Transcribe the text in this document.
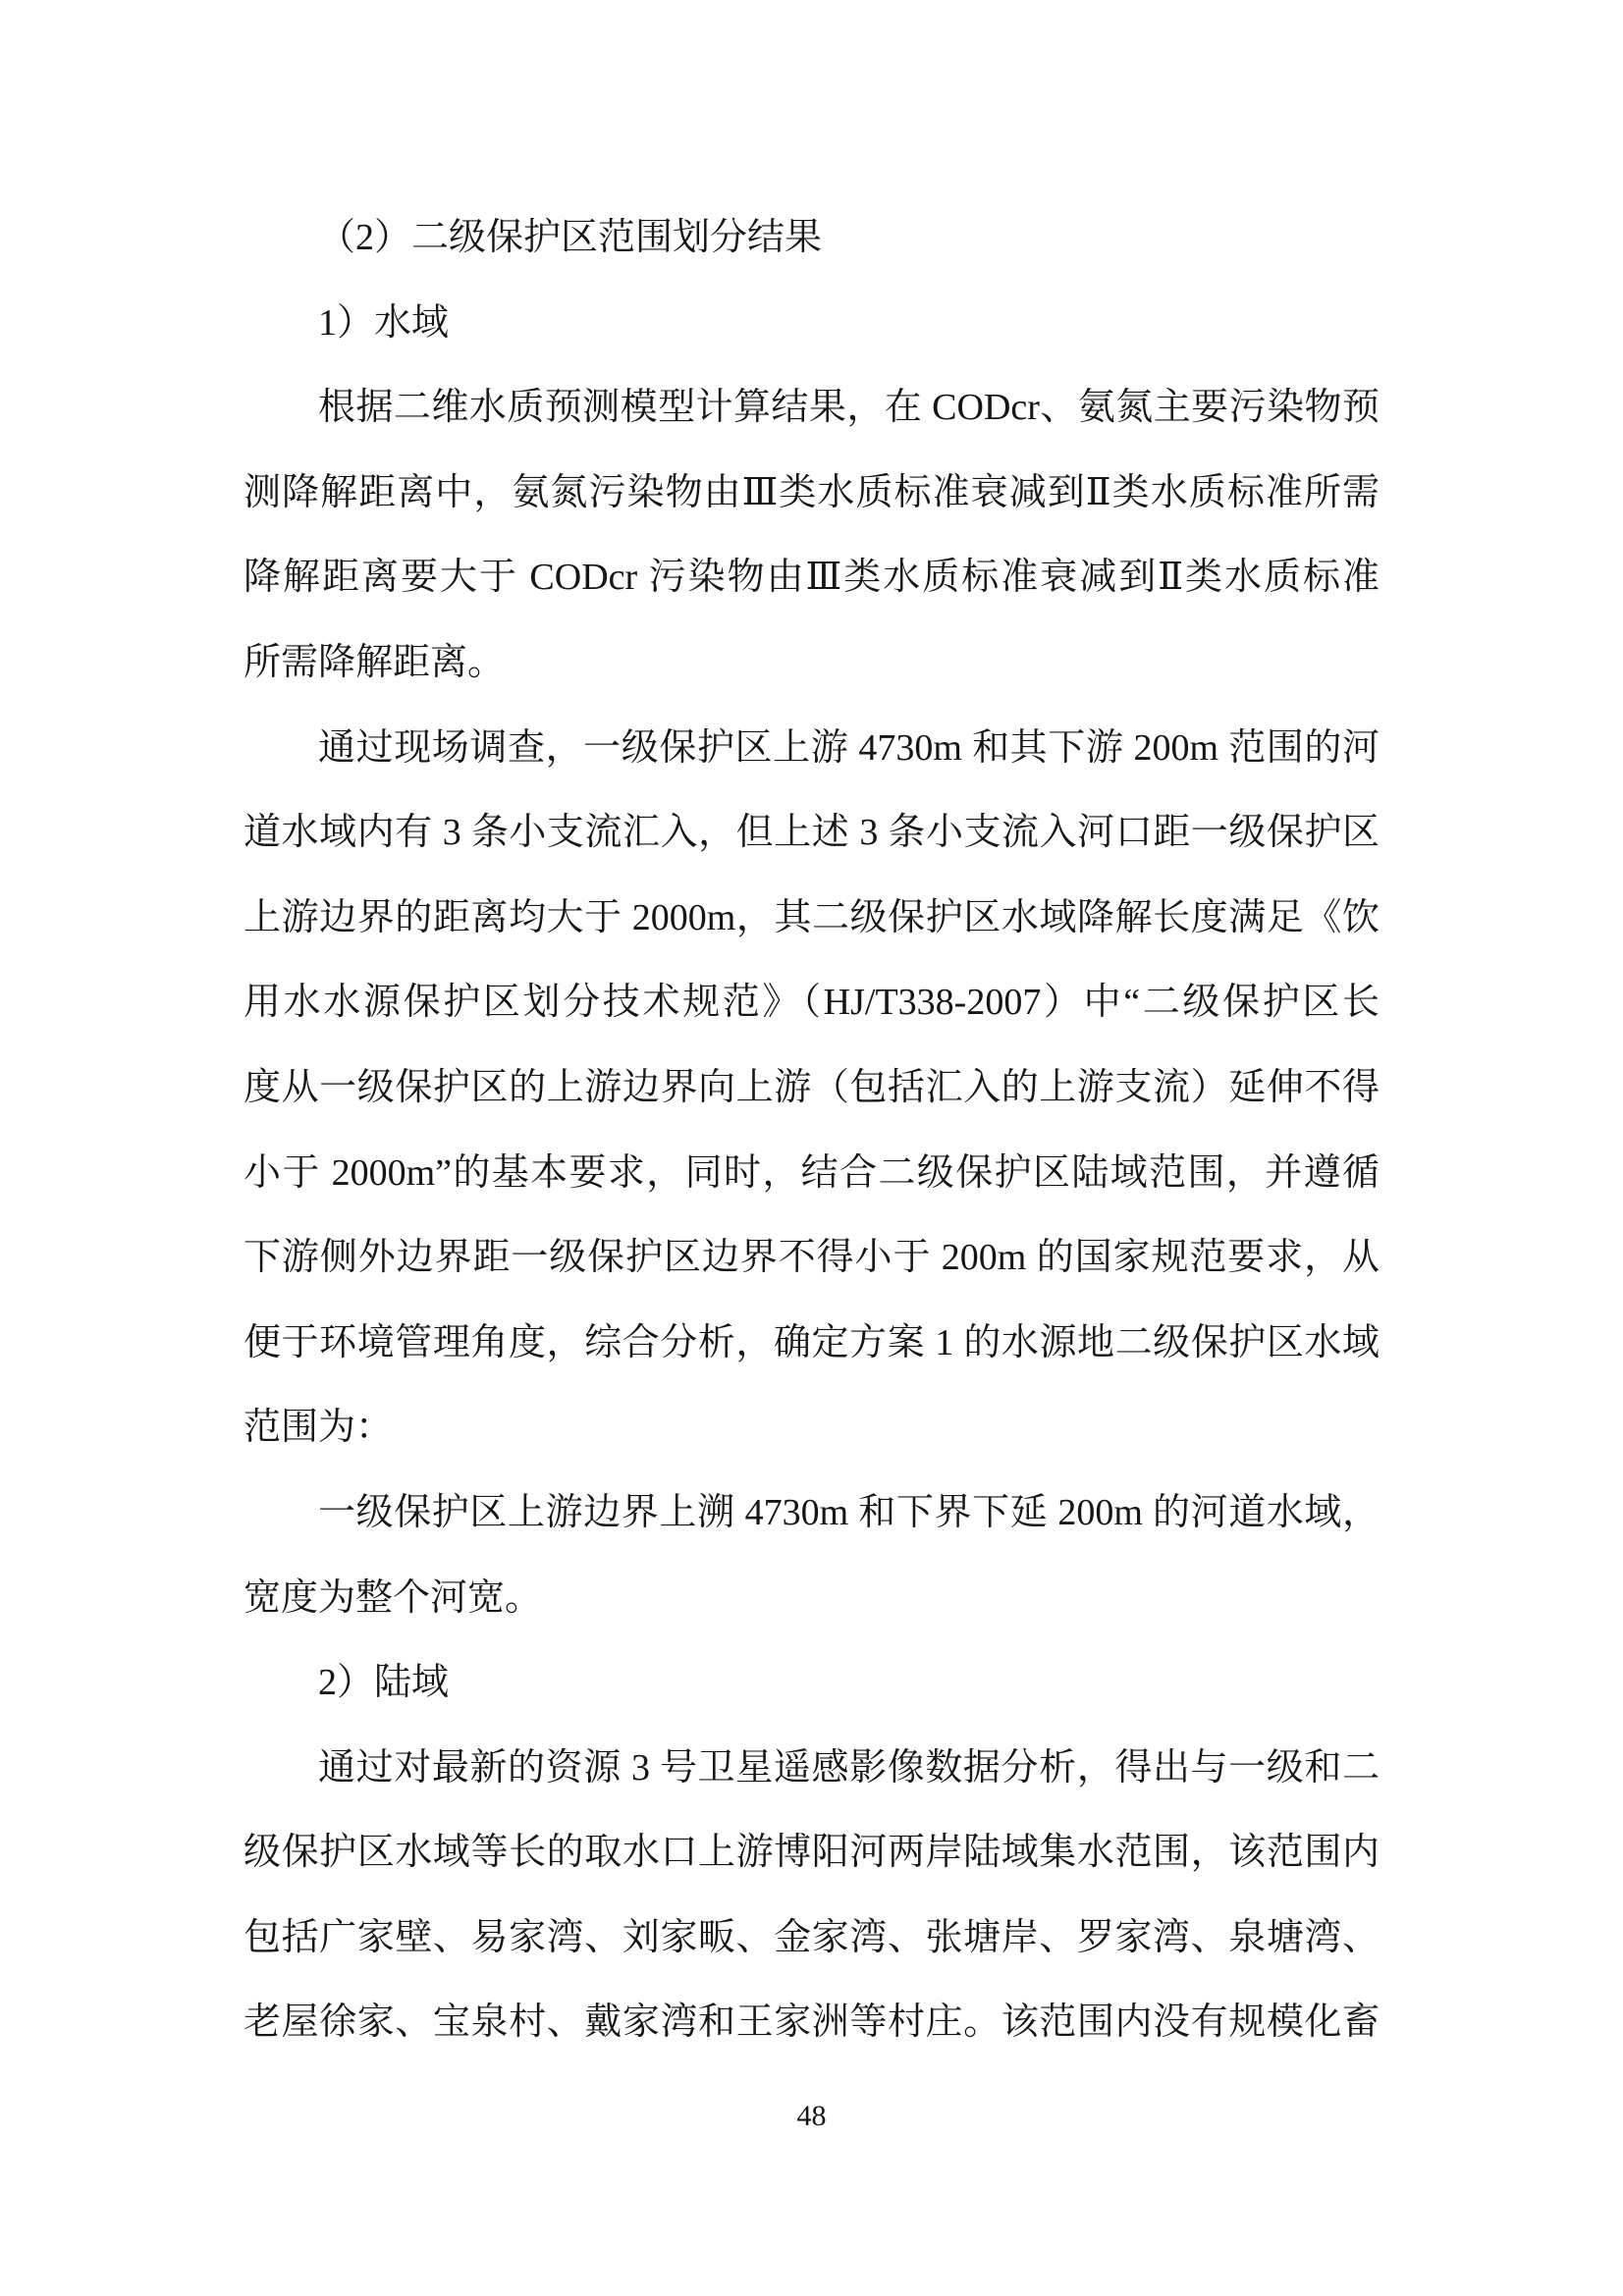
（2）二级保护区范围划分结果
1）水域
根据二维水质预测模型计算结果，在 CODcr、氨氮主要污染物预
测降解距离中，氨氮污染物由Ⅲ类水质标准衰减到Ⅱ类水质标准所需
降解距离要大于 CODcr 污染物由Ⅲ类水质标准衰减到Ⅱ类水质标准
所需降解距离。
通过现场调查，一级保护区上游 4730m 和其下游 200m 范围的河
道水域内有 3 条小支流汇入，但上述 3 条小支流入河口距一级保护区
上游边界的距离均大于 2000m，其二级保护区水域降解长度满足《饮
用水水源保护区划分技术规范》（HJ/T338-2007）中“二级保护区长
度从一级保护区的上游边界向上游（包括汇入的上游支流）延伸不得
小于 2000m”的基本要求，同时，结合二级保护区陆域范围，并遵循
下游侧外边界距一级保护区边界不得小于 200m 的国家规范要求，从
便于环境管理角度，综合分析，确定方案 1 的水源地二级保护区水域
范围为：
一级保护区上游边界上溯 4730m 和下界下延 200m 的河道水域，
宽度为整个河宽。
2）陆域
通过对最新的资源 3 号卫星遥感影像数据分析，得出与一级和二
级保护区水域等长的取水口上游博阳河两岸陆域集水范围，该范围内
包括广家壁、易家湾、刘家畈、金家湾、张塘岸、罗家湾、泉塘湾、
老屋徐家、宝泉村、戴家湾和王家洲等村庄。该范围内没有规模化畜
48
